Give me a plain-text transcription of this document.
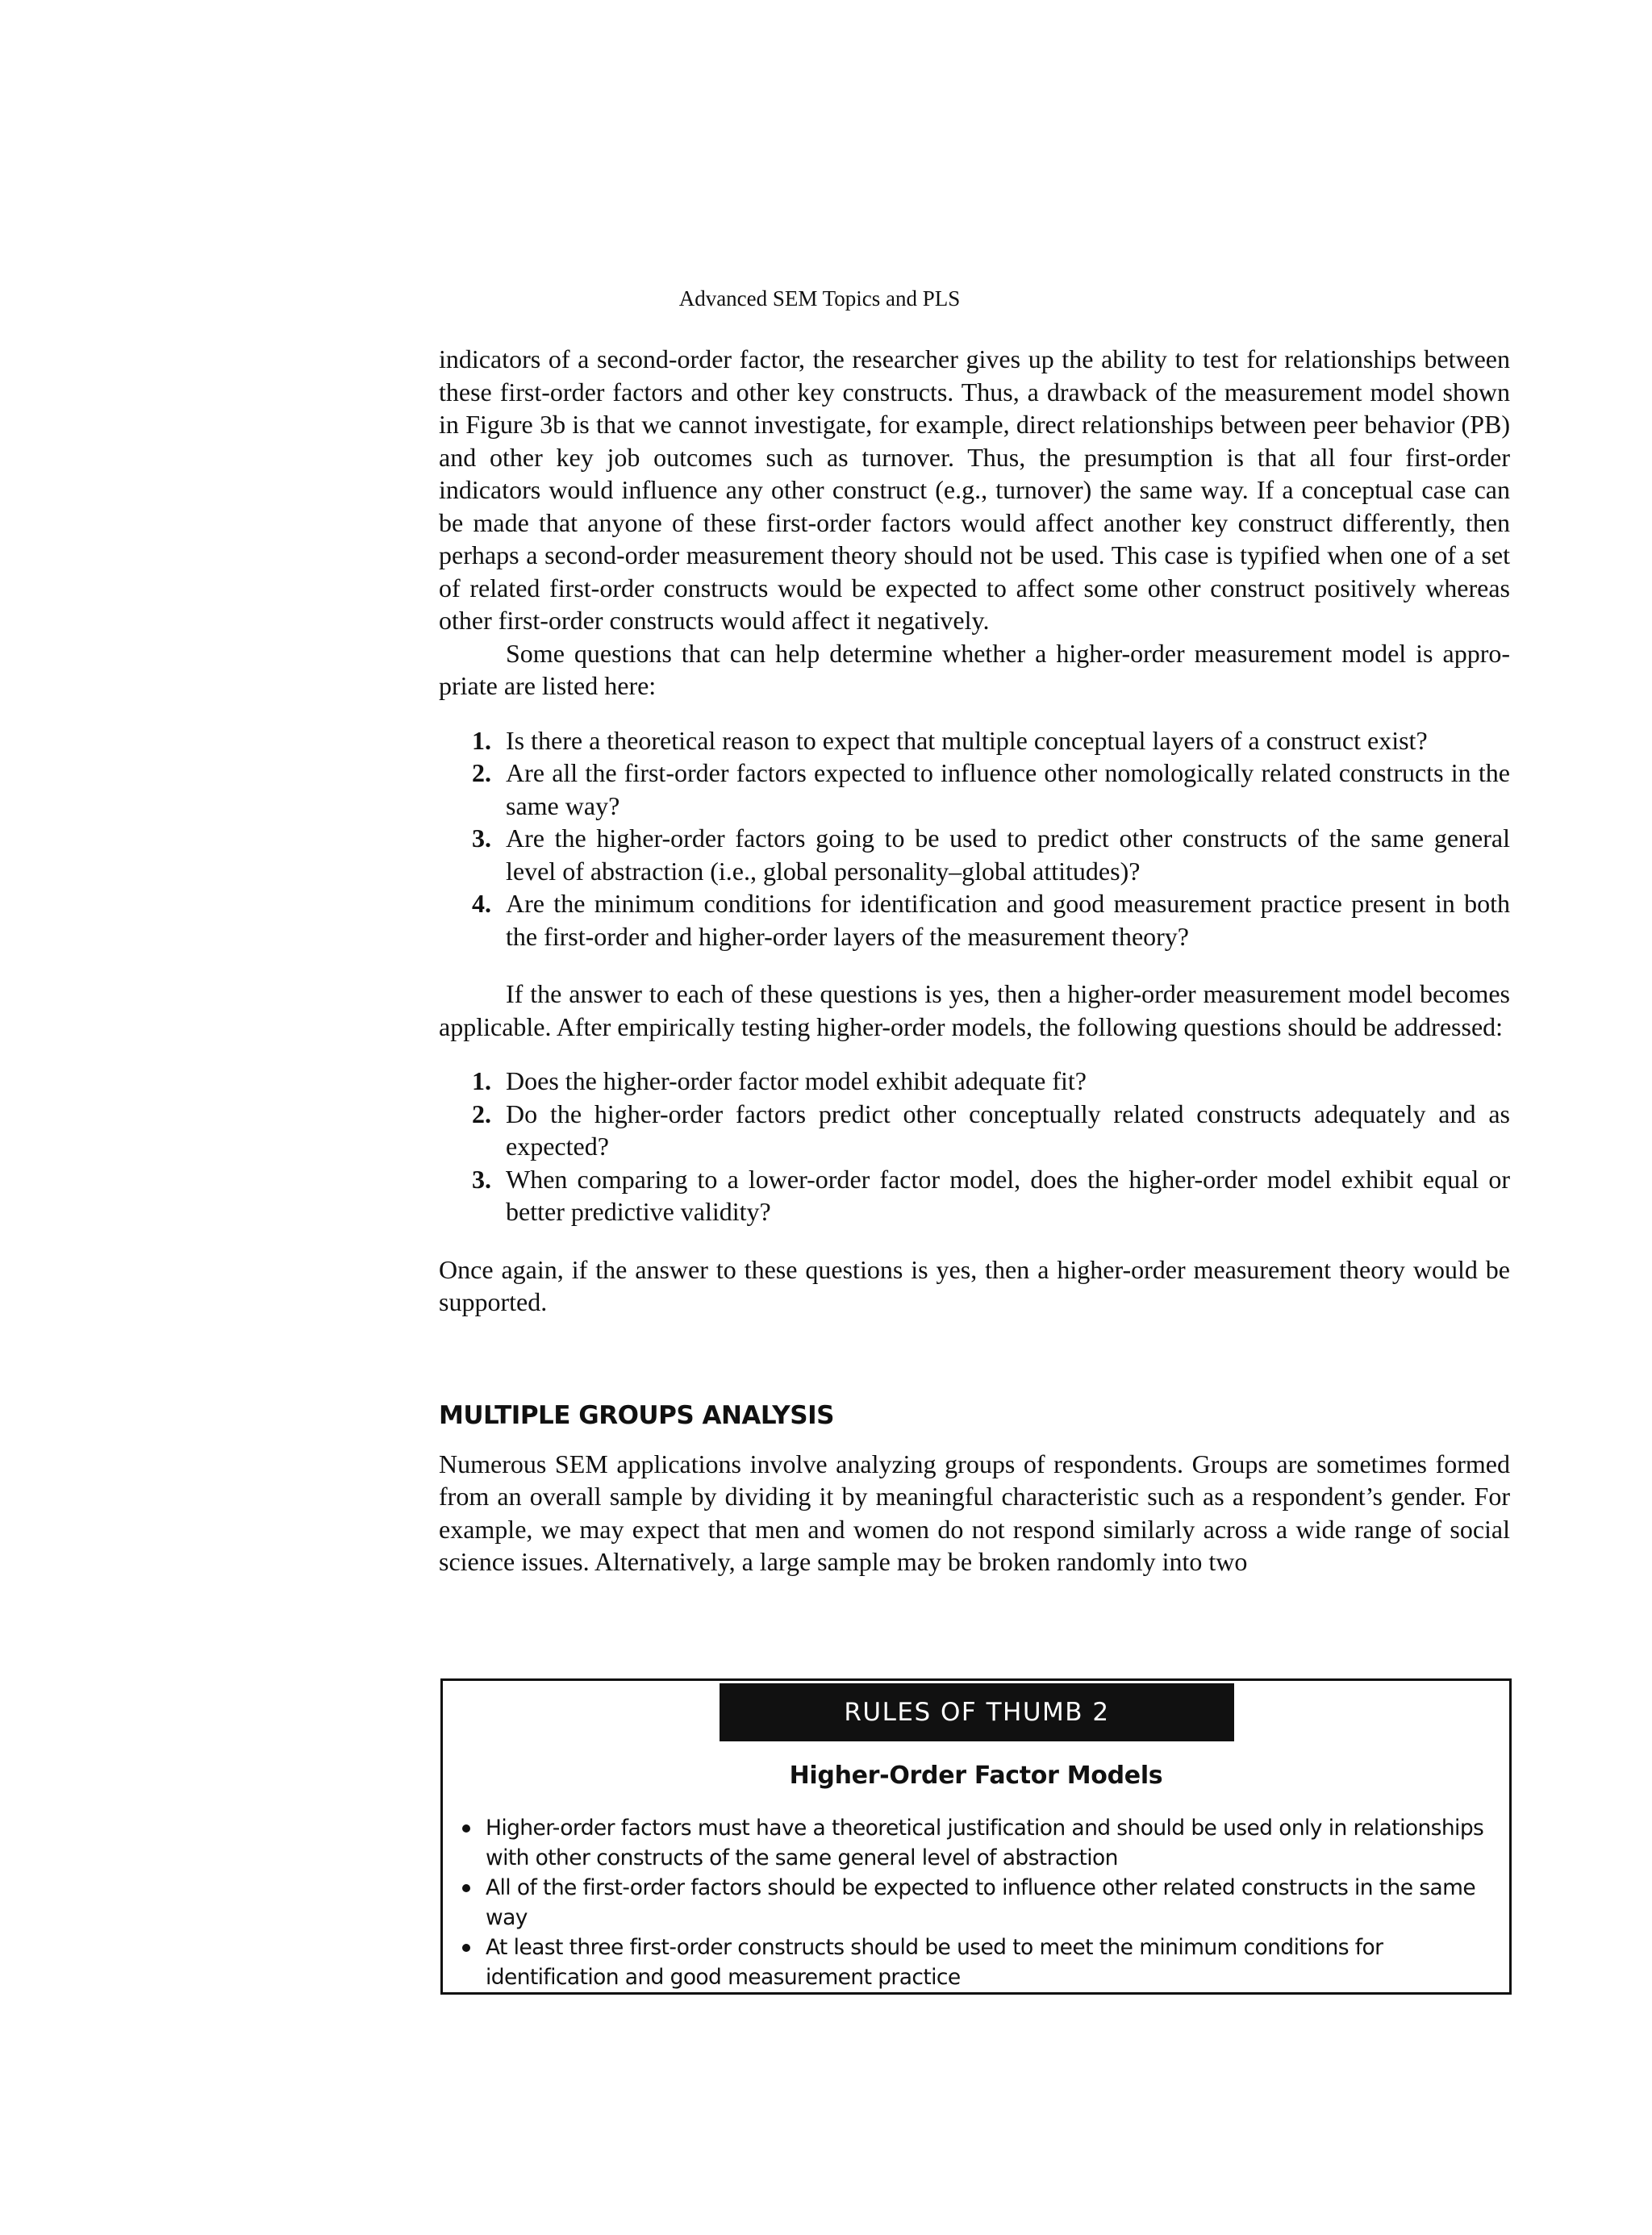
Advanced SEM Topics and PLS

indicators of a second-order factor, the researcher gives up the ability to test for relationships between these first-order factors and other key constructs. Thus, a drawback of the measurement model shown in Figure 3b is that we cannot investigate, for example, direct relationships between peer behavior (PB) and other key job outcomes such as turnover. Thus, the presumption is that all four first-order indicators would influence any other construct (e.g., turnover) the same way. If a conceptual case can be made that anyone of these first-order factors would affect another key construct differently, then perhaps a second-order measurement theory should not be used. This case is typified when one of a set of related first-order constructs would be expected to affect some other construct positively whereas other first-order constructs would affect it negatively.

Some questions that can help determine whether a higher-order measurement model is appropriate are listed here:

1. Is there a theoretical reason to expect that multiple conceptual layers of a construct exist?
2. Are all the first-order factors expected to influence other nomologically related constructs in the same way?
3. Are the higher-order factors going to be used to predict other constructs of the same general level of abstraction (i.e., global personality–global attitudes)?
4. Are the minimum conditions for identification and good measurement practice present in both the first-order and higher-order layers of the measurement theory?

If the answer to each of these questions is yes, then a higher-order measurement model becomes applicable. After empirically testing higher-order models, the following questions should be addressed:

1. Does the higher-order factor model exhibit adequate fit?
2. Do the higher-order factors predict other conceptually related constructs adequately and as expected?
3. When comparing to a lower-order factor model, does the higher-order model exhibit equal or better predictive validity?

Once again, if the answer to these questions is yes, then a higher-order measurement theory would be supported.

MULTIPLE GROUPS ANALYSIS

Numerous SEM applications involve analyzing groups of respondents. Groups are sometimes formed from an overall sample by dividing it by meaningful characteristic such as a respondent’s gender. For example, we may expect that men and women do not respond similarly across a wide range of social science issues. Alternatively, a large sample may be broken randomly into two

RULES OF THUMB 2
Higher-Order Factor Models
Higher-order factors must have a theoretical justification and should be used only in relationships with other constructs of the same general level of abstraction
All of the first-order factors should be expected to influence other related constructs in the same way
At least three first-order constructs should be used to meet the minimum conditions for identification and good measurement practice
